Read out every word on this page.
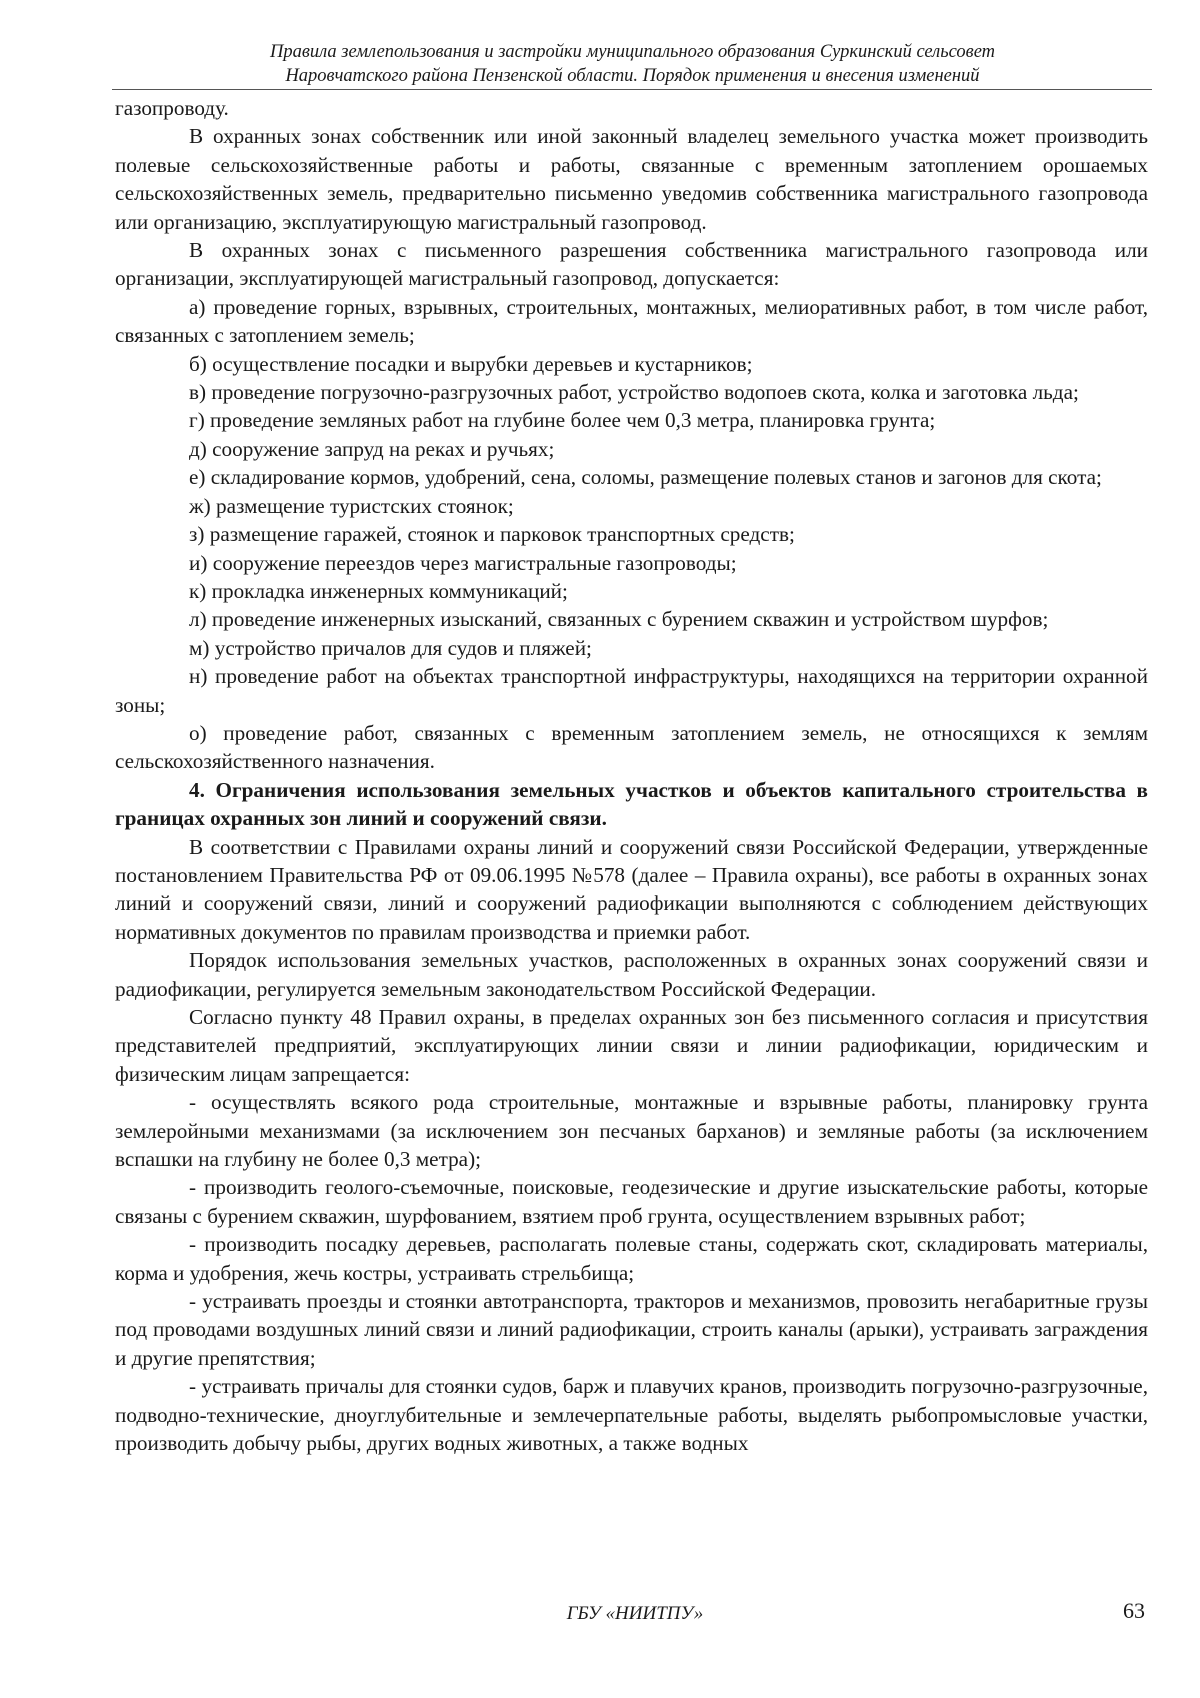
Правила землепользования и застройки муниципального образования Суркинский сельсовет
Наровчатского района Пензенской области. Порядок применения и внесения изменений

газопроводу.

В охранных зонах собственник или иной законный владелец земельного участка может производить полевые сельскохозяйственные работы и работы, связанные с временным затоплением орошаемых сельскохозяйственных земель, предварительно письменно уведомив собственника магистрального газопровода или организацию, эксплуатирующую магистральный газопровод.

В охранных зонах с письменного разрешения собственника магистрального газопровода или организации, эксплуатирующей магистральный газопровод, допускается:

а) проведение горных, взрывных, строительных, монтажных, мелиоративных работ, в том числе работ, связанных с затоплением земель;

б) осуществление посадки и вырубки деревьев и кустарников;

в) проведение погрузочно-разгрузочных работ, устройство водопоев скота, колка и заготовка льда;

г) проведение земляных работ на глубине более чем 0,3 метра, планировка грунта;

д) сооружение запруд на реках и ручьях;

е) складирование кормов, удобрений, сена, соломы, размещение полевых станов и загонов для скота;

ж) размещение туристских стоянок;

з) размещение гаражей, стоянок и парковок транспортных средств;

и) сооружение переездов через магистральные газопроводы;

к) прокладка инженерных коммуникаций;

л) проведение инженерных изысканий, связанных с бурением скважин и устройством шурфов;

м) устройство причалов для судов и пляжей;

н) проведение работ на объектах транспортной инфраструктуры, находящихся на территории охранной зоны;

о) проведение работ, связанных с временным затоплением земель, не относящихся к землям сельскохозяйственного назначения.

4. Ограничения использования земельных участков и объектов капитального строительства в границах охранных зон линий и сооружений связи.

В соответствии с Правилами охраны линий и сооружений связи Российской Федерации, утвержденные постановлением Правительства РФ от 09.06.1995 №578 (далее – Правила охраны), все работы в охранных зонах линий и сооружений связи, линий и сооружений радиофикации выполняются с соблюдением действующих нормативных документов по правилам производства и приемки работ.

Порядок использования земельных участков, расположенных в охранных зонах сооружений связи и радиофикации, регулируется земельным законодательством Российской Федерации.

Согласно пункту 48 Правил охраны, в пределах охранных зон без письменного согласия и присутствия представителей предприятий, эксплуатирующих линии связи и линии радиофикации, юридическим и физическим лицам запрещается:

- осуществлять всякого рода строительные, монтажные и взрывные работы, планировку грунта землеройными механизмами (за исключением зон песчаных барханов) и земляные работы (за исключением вспашки на глубину не более 0,3 метра);

- производить геолого-съемочные, поисковые, геодезические и другие изыскательские работы, которые связаны с бурением скважин, шурфованием, взятием проб грунта, осуществлением взрывных работ;

- производить посадку деревьев, располагать полевые станы, содержать скот, складировать материалы, корма и удобрения, жечь костры, устраивать стрельбища;

- устраивать проезды и стоянки автотранспорта, тракторов и механизмов, провозить негабаритные грузы под проводами воздушных линий связи и линий радиофикации, строить каналы (арыки), устраивать заграждения и другие препятствия;

- устраивать причалы для стоянки судов, барж и плавучих кранов, производить погрузочно-разгрузочные, подводно-технические, дноуглубительные и землечерпательные работы, выделять рыбопромысловые участки, производить добычу рыбы, других водных животных, а также водных

ГБУ «НИИТПУ»	63
